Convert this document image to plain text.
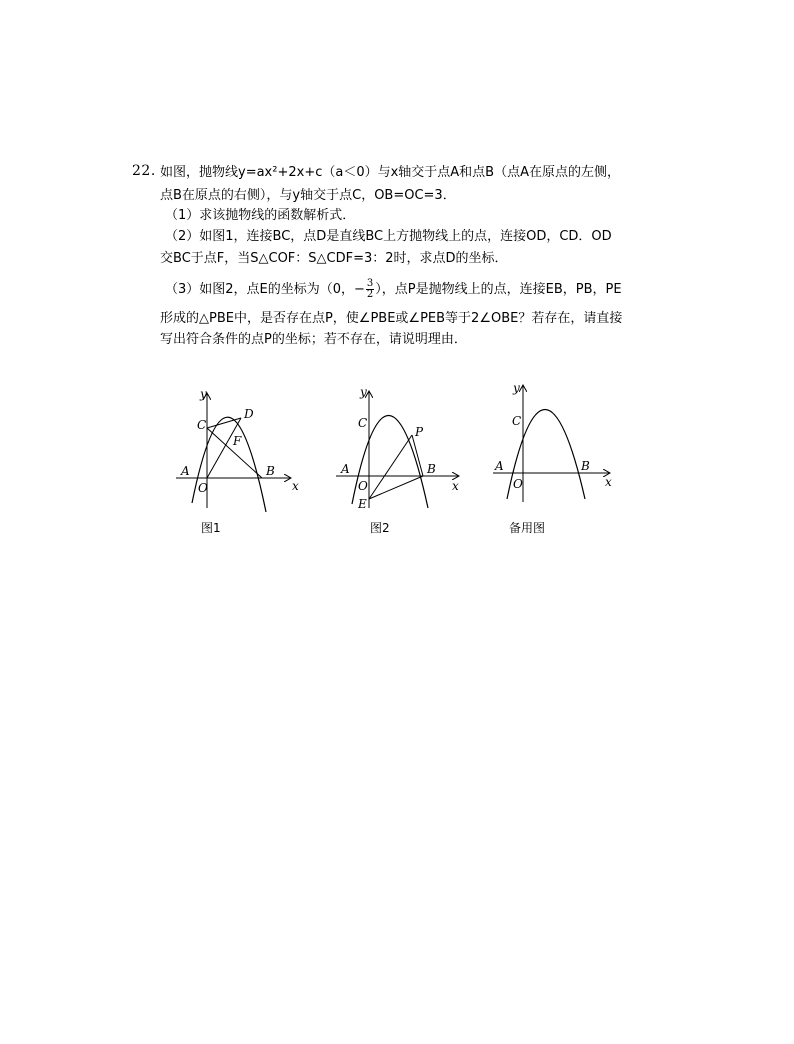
22. 如图，抛物线y=ax²+2x+c（a＜0）与x轴交于点A和点B（点A在原点的左侧，
点B在原点的右侧），与y轴交于点C，OB=OC=3．
（1）求该抛物线的函数解析式．
（2）如图1，连接BC，点D是直线BC上方抛物线上的点，连接OD，CD．OD
交BC于点F，当S△COF：S△CDF=3：2时，求点D的坐标．
（3）如图2，点E的坐标为（0，− $\frac{3}{2}$ ），点P是抛物线上的点，连接EB，PB，PE
形成的△PBE中，是否存在点P，使∠PBE或∠PEB等于2∠OBE？若存在，请直接
写出符合条件的点P的坐标；若不存在，请说明理由．
y
x
O
A	B
C
D
F
y
x
O
A	B
C
P
E
y
x
O
A	B
C
图1	图2	备用图
